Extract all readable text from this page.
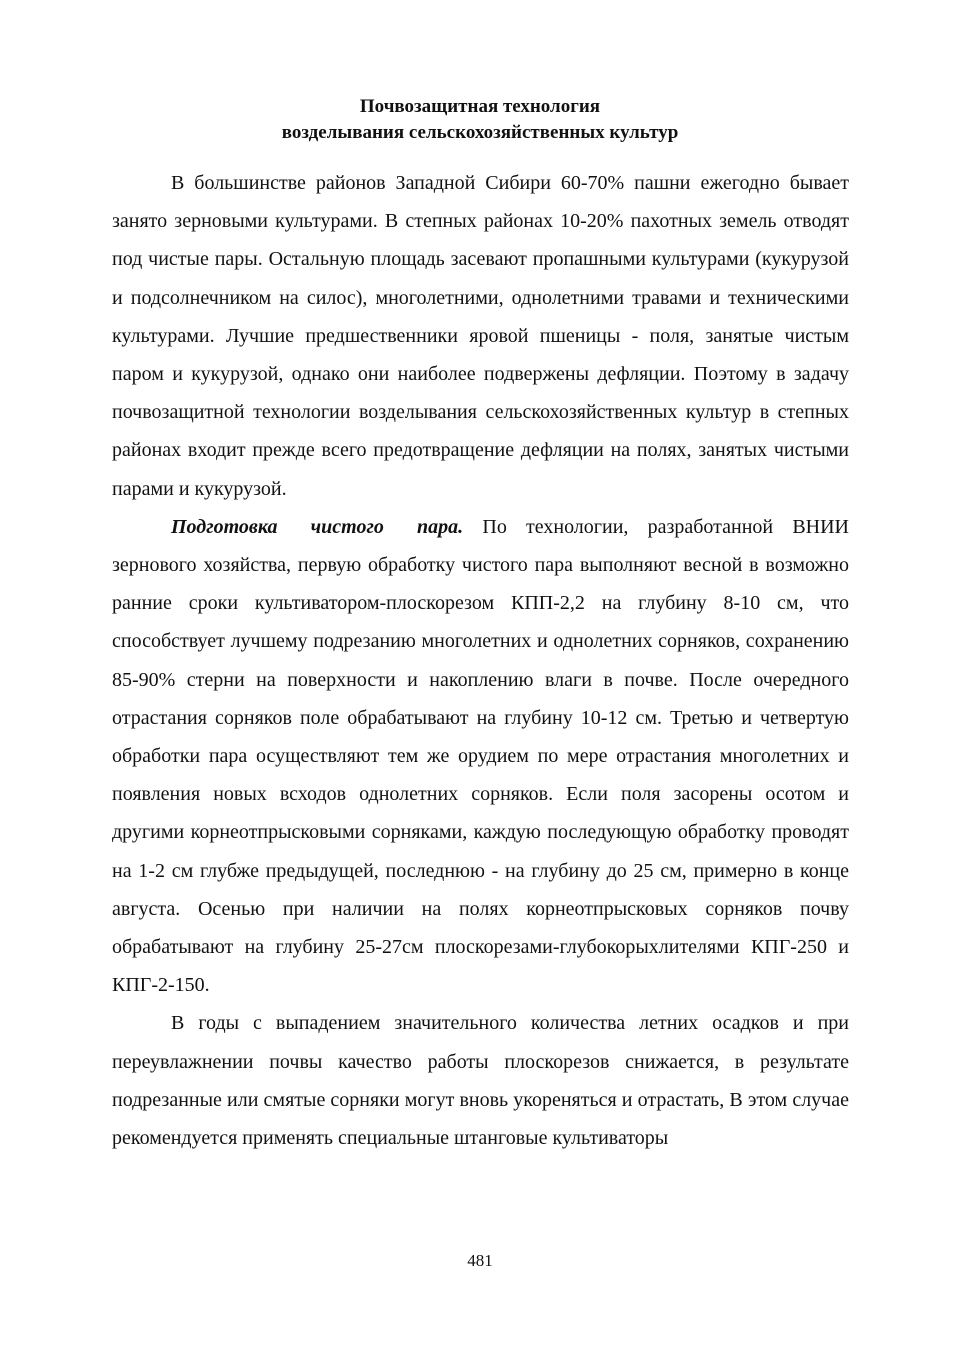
Почвозащитная технология
возделывания сельскохозяйственных культур

В большинстве районов Западной Сибири 60-70% пашни ежегодно бывает занято зерновыми культурами. В степных районах 10-20% пахотных земель отводят под чистые пары. Остальную площадь засевают пропашными культурами (кукурузой и подсолнечником на силос), многолетними, однолетними травами и техническими культурами. Лучшие предшественники яровой пшеницы - поля, занятые чистым паром и кукурузой, однако они наиболее подвержены дефляции. Поэтому в задачу почвозащитной технологии возделывания сельскохозяйственных культур в степных районах входит прежде всего предотвращение дефляции на полях, занятых чистыми парами и кукурузой.

Подготовка чистого пара. По технологии, разработанной ВНИИ зернового хозяйства, первую обработку чистого пара выполняют весной в возможно ранние сроки культиватором-плоскорезом КПП-2,2 на глубину 8-10 см, что способствует лучшему подрезанию многолетних и однолетних сорняков, сохранению 85-90% стерни на поверхности и накоплению влаги в почве. После очередного отрастания сорняков поле обрабатывают на глубину 10-12 см. Третью и четвертую обработки пара осуществляют тем же орудием по мере отрастания многолетних и появления новых всходов однолетних сорняков. Если поля засорены осотом и другими корнеотпрысковыми сорняками, каждую последующую обработку проводят на 1-2 см глубже предыдущей, последнюю - на глубину до 25 см, примерно в конце августа. Осенью при наличии на полях корнеотпрысковых сорняков почву обрабатывают на глубину 25-27см плоскорезами-глубокорыхлителями КПГ-250 и КПГ-2-150.

В годы с выпадением значительного количества летних осадков и при переувлажнении почвы качество работы плоскорезов снижается, в результате подрезанные или смятые сорняки могут вновь укореняться и отрастать, В этом случае рекомендуется применять специальные штанговые культиваторы

481
